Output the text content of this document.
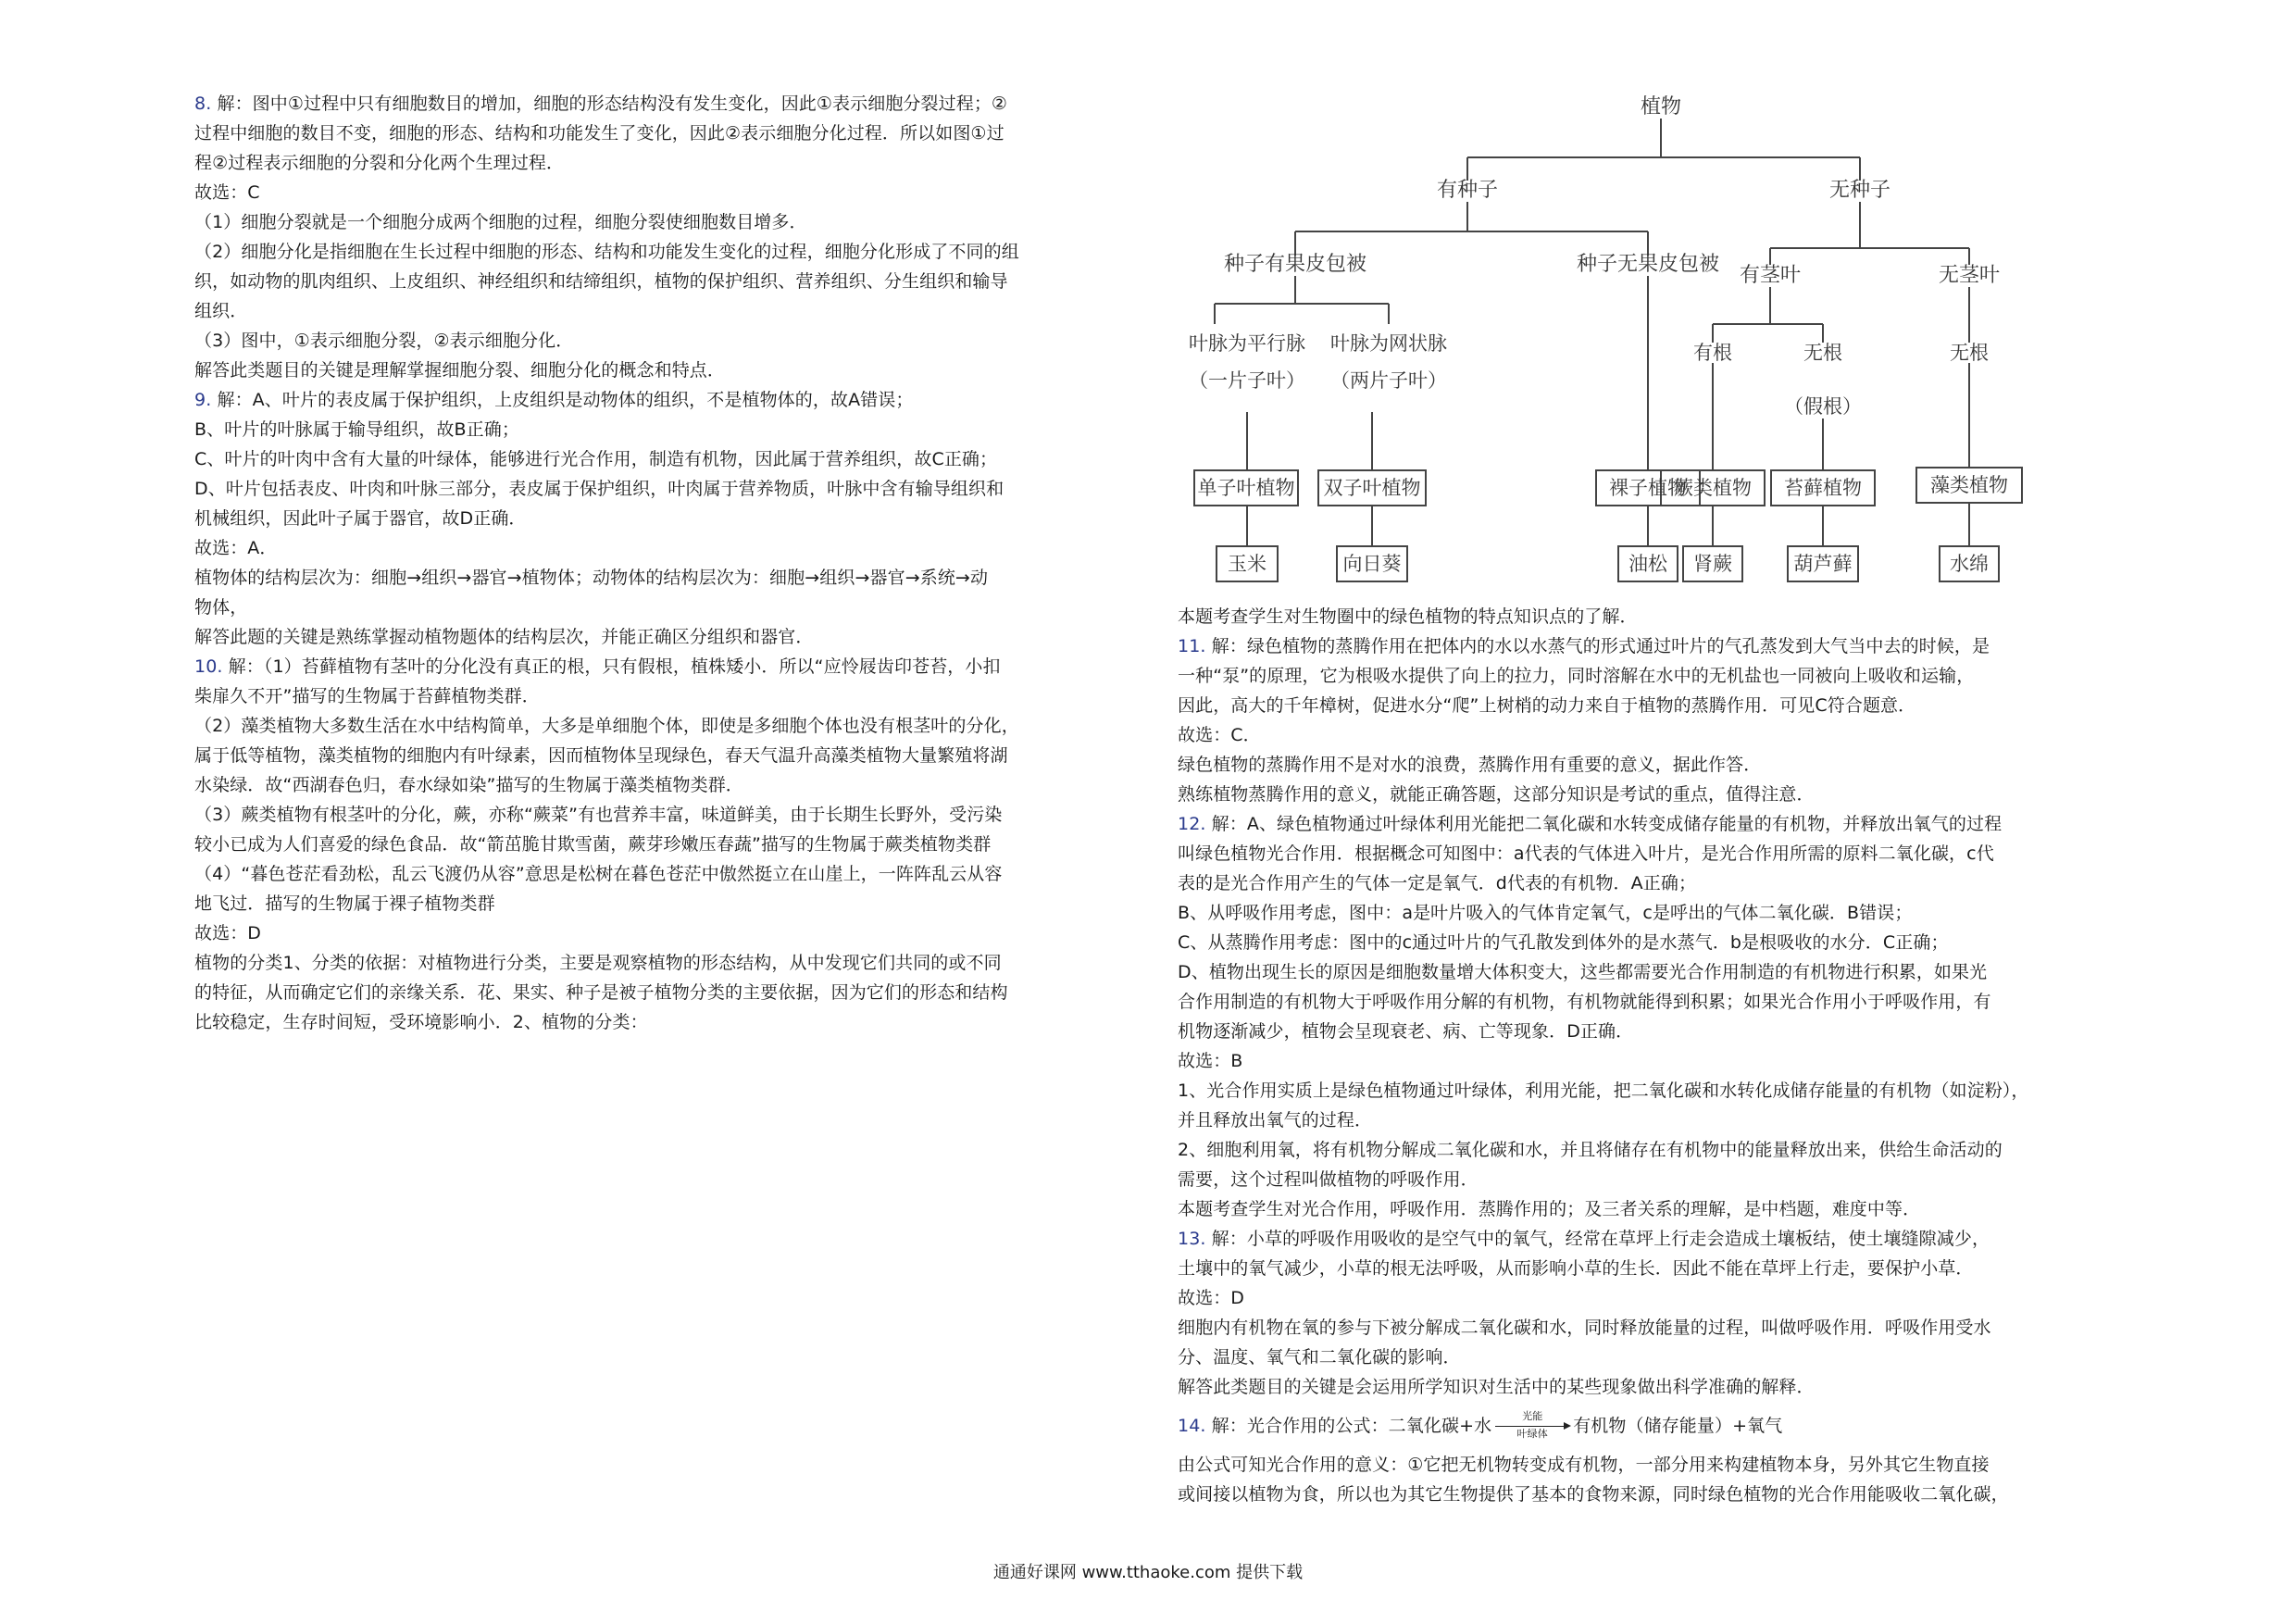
8. 解：图中①过程中只有细胞数目的增加，细胞的形态结构没有发生变化，因此①表示细胞分裂过程；②
过程中细胞的数目不变，细胞的形态、结构和功能发生了变化，因此②表示细胞分化过程．所以如图①过
程②过程表示细胞的分裂和分化两个生理过程．
故选：C
（1）细胞分裂就是一个细胞分成两个细胞的过程，细胞分裂使细胞数目增多．
（2）细胞分化是指细胞在生长过程中细胞的形态、结构和功能发生变化的过程，细胞分化形成了不同的组
织，如动物的肌肉组织、上皮组织、神经组织和结缔组织，植物的保护组织、营养组织、分生组织和输导
组织．
（3）图中，①表示细胞分裂，②表示细胞分化．
解答此类题目的关键是理解掌握细胞分裂、细胞分化的概念和特点．
9. 解：A、叶片的表皮属于保护组织，上皮组织是动物体的组织，不是植物体的，故A错误；
B、叶片的叶脉属于输导组织，故B正确；
C、叶片的叶肉中含有大量的叶绿体，能够进行光合作用，制造有机物，因此属于营养组织，故C正确；
D、叶片包括表皮、叶肉和叶脉三部分，表皮属于保护组织，叶肉属于营养物质，叶脉中含有输导组织和
机械组织，因此叶子属于器官，故D正确．
故选：A．
植物体的结构层次为：细胞→组织→器官→植物体；动物体的结构层次为：细胞→组织→器官→系统→动
物体，
解答此题的关键是熟练掌握动植物题体的结构层次，并能正确区分组织和器官．
10. 解：（1）苔藓植物有茎叶的分化没有真正的根，只有假根，植株矮小．所以“应怜屐齿印苍苔，小扣
柴扉久不开”描写的生物属于苔藓植物类群．
（2）藻类植物大多数生活在水中结构简单，大多是单细胞个体，即使是多细胞个体也没有根茎叶的分化，
属于低等植物，藻类植物的细胞内有叶绿素，因而植物体呈现绿色，春天气温升高藻类植物大量繁殖将湖
水染绿．故“西湖春色归，春水绿如染”描写的生物属于藻类植物类群．
（3）蕨类植物有根茎叶的分化，蕨，亦称“蕨菜”有也营养丰富，味道鲜美，由于长期生长野外，受污染
较小已成为人们喜爱的绿色食品．故“箭茁脆甘欺雪菌，蕨芽珍嫩压春蔬”描写的生物属于蕨类植物类群
（4）“暮色苍茫看劲松，乱云飞渡仍从容”意思是松树在暮色苍茫中傲然挺立在山崖上，一阵阵乱云从容
地飞过．描写的生物属于裸子植物类群
故选：D
植物的分类1、分类的依据：对植物进行分类，主要是观察植物的形态结构，从中发现它们共同的或不同
的特征，从而确定它们的亲缘关系．花、果实、种子是被子植物分类的主要依据，因为它们的形态和结构
比较稳定，生存时间短，受环境影响小．2、植物的分类：
植物
有种子	无种子
种子有果皮包被	种子无果皮包被 有茎叶	无茎叶
叶脉为平行脉
（一片子叶）
叶脉为网状脉
（两片子叶）
有根	无根
（假根）
无根
单子叶植物 双子叶植物	裸子植物
蕨类植物 苔藓植物	藻类植物
玉米	向日葵	油松 肾蕨	葫芦藓	水绵
本题考查学生对生物圈中的绿色植物的特点知识点的了解．
11. 解：绿色植物的蒸腾作用在把体内的水以水蒸气的形式通过叶片的气孔蒸发到大气当中去的时候，是
一种“泵”的原理，它为根吸水提供了向上的拉力，同时溶解在水中的无机盐也一同被向上吸收和运输，
因此，高大的千年樟树，促进水分“爬”上树梢的动力来自于植物的蒸腾作用．可见C符合题意．
故选：C．
绿色植物的蒸腾作用不是对水的浪费，蒸腾作用有重要的意义，据此作答．
熟练植物蒸腾作用的意义，就能正确答题，这部分知识是考试的重点，值得注意．
12. 解：A、绿色植物通过叶绿体利用光能把二氧化碳和水转变成储存能量的有机物，并释放出氧气的过程
叫绿色植物光合作用．根据概念可知图中：a代表的气体进入叶片，是光合作用所需的原料二氧化碳，c代
表的是光合作用产生的气体一定是氧气．d代表的有机物．A正确；
B、从呼吸作用考虑，图中：a是叶片吸入的气体肯定氧气，c是呼出的气体二氧化碳．B错误；
C、从蒸腾作用考虑：图中的c通过叶片的气孔散发到体外的是水蒸气．b是根吸收的水分．C正确；
D、植物出现生长的原因是细胞数量增大体积变大，这些都需要光合作用制造的有机物进行积累，如果光
合作用制造的有机物大于呼吸作用分解的有机物，有机物就能得到积累；如果光合作用小于呼吸作用，有
机物逐渐减少，植物会呈现衰老、病、亡等现象．D正确．
故选：B
1、光合作用实质上是绿色植物通过叶绿体，利用光能，把二氧化碳和水转化成储存能量的有机物（如淀粉），
并且释放出氧气的过程．
2、细胞利用氧，将有机物分解成二氧化碳和水，并且将储存在有机物中的能量释放出来，供给生命活动的
需要，这个过程叫做植物的呼吸作用．
本题考查学生对光合作用，呼吸作用．蒸腾作用的；及三者关系的理解，是中档题，难度中等．
13. 解：小草的呼吸作用吸收的是空气中的氧气，经常在草坪上行走会造成土壤板结，使土壤缝隙减少，
土壤中的氧气减少，小草的根无法呼吸，从而影响小草的生长．因此不能在草坪上行走，要保护小草．
故选：D
细胞内有机物在氧的参与下被分解成二氧化碳和水，同时释放能量的过程，叫做呼吸作用．呼吸作用受水
分、温度、氧气和二氧化碳的影响．
解答此类题目的关键是会运用所学知识对生活中的某些现象做出科学准确的解释．
14. 解：光合作用的公式：二氧化碳+水	光能
叶绿体	有机物（储存能量）+氧气
由公式可知光合作用的意义：①它把无机物转变成有机物，一部分用来构建植物本身，另外其它生物直接
或间接以植物为食，所以也为其它生物提供了基本的食物来源，同时绿色植物的光合作用能吸收二氧化碳，
通通好课网 www.tthaoke.com 提供下载
